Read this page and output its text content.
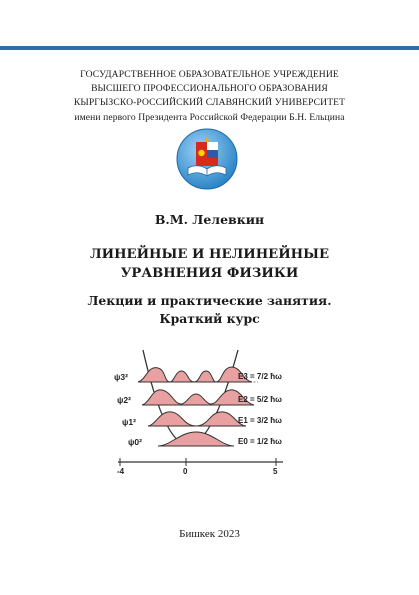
ГОСУДАРСТВЕННОЕ ОБРАЗОВАТЕЛЬНОЕ УЧРЕЖДЕНИЕ
ВЫСШЕГО ПРОФЕССИОНАЛЬНОГО ОБРАЗОВАНИЯ
КЫРГЫЗСКО-РОССИЙСКИЙ СЛАВЯНСКИЙ УНИВЕРСИТЕТ
имени первого Президента Российской Федерации Б.Н. Ельцина
В.М. Лелевкин
ЛИНЕЙНЫЕ И НЕЛИНЕЙНЫЕ
УРАВНЕНИЯ ФИЗИКИ
Лекции и практические занятия.
Краткий курс
ψ3²
ψ2²
ψ1²
ψ0²
E3 = 7/2 ħω
E2 = 5/2 ħω
E1 = 3/2 ħω
E0 = 1/2 ħω
-4	0	5
Бишкек 2023
